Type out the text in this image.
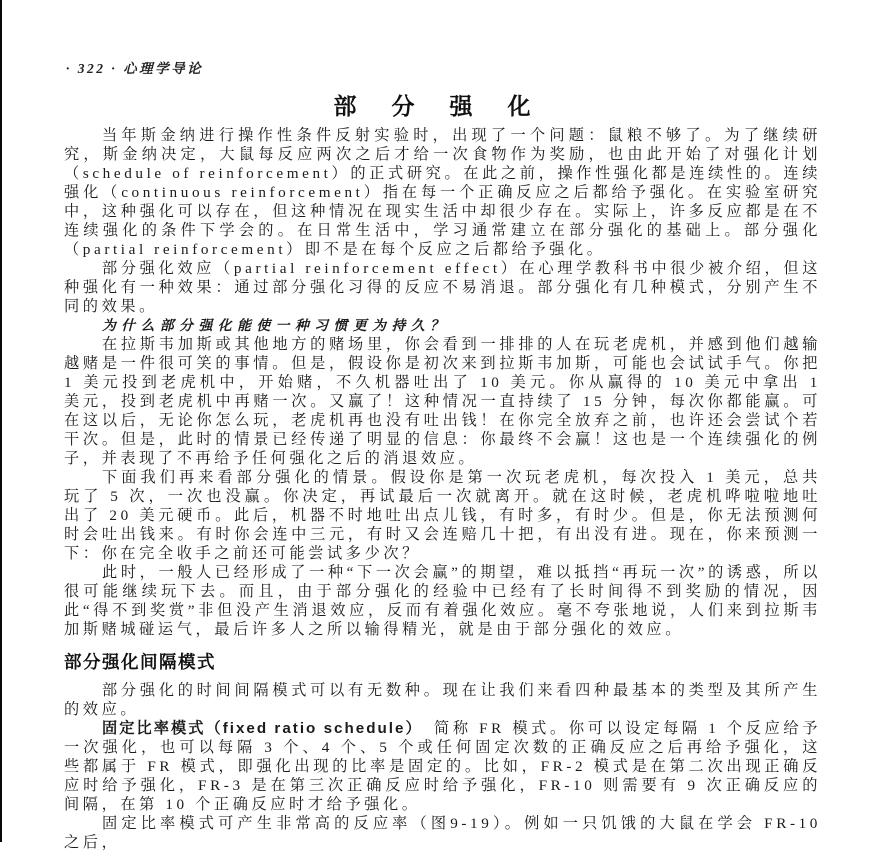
· 322 · 心理学导论
部　分　强　化

当年斯金纳进行操作性条件反射实验时，出现了一个问题：鼠粮不够了。为了继续研究，斯金纳决定，大鼠每反应两次之后才给一次食物作为奖励，也由此开始了对强化计划（schedule of reinforcement）的正式研究。在此之前，操作性强化都是连续性的。连续强化（continuous reinforcement）指在每一个正确反应之后都给予强化。在实验室研究中，这种强化可以存在，但这种情况在现实生活中却很少存在。实际上，许多反应都是在不连续强化的条件下学会的。在日常生活中，学习通常建立在部分强化的基础上。部分强化（partial reinforcement）即不是在每个反应之后都给予强化。

部分强化效应（partial reinforcement effect）在心理学教科书中很少被介绍，但这种强化有一种效果：通过部分强化习得的反应不易消退。部分强化有几种模式，分别产生不同的效果。

为什么部分强化能使一种习惯更为持久？

在拉斯韦加斯或其他地方的赌场里，你会看到一排排的人在玩老虎机，并感到他们越输越赌是一件很可笑的事情。但是，假设你是初次来到拉斯韦加斯，可能也会试试手气。你把 1 美元投到老虎机中，开始赌，不久机器吐出了 10 美元。你从赢得的 10 美元中拿出 1 美元，投到老虎机中再赌一次。又赢了！这种情况一直持续了 15 分钟，每次你都能赢。可在这以后，无论你怎么玩，老虎机再也没有吐出钱！在你完全放弃之前，也许还会尝试个若干次。但是，此时的情景已经传递了明显的信息：你最终不会赢！这也是一个连续强化的例子，并表现了不再给予任何强化之后的消退效应。

下面我们再来看部分强化的情景。假设你是第一次玩老虎机，每次投入 1 美元，总共玩了 5 次，一次也没赢。你决定，再试最后一次就离开。就在这时候，老虎机哗啦啦地吐出了 20 美元硬币。此后，机器不时地吐出点儿钱，有时多，有时少。但是，你无法预测何时会吐出钱来。有时你会连中三元，有时又会连赔几十把，有出没有进。现在，你来预测一下：你在完全收手之前还可能尝试多少次？

此时，一般人已经形成了一种“下一次会赢”的期望，难以抵挡“再玩一次”的诱惑，所以很可能继续玩下去。而且，由于部分强化的经验中已经有了长时间得不到奖励的情况，因此“得不到奖赏”非但没产生消退效应，反而有着强化效应。毫不夸张地说，人们来到拉斯韦加斯赌城碰运气，最后许多人之所以输得精光，就是由于部分强化的效应。

部分强化间隔模式

部分强化的时间间隔模式可以有无数种。现在让我们来看四种最基本的类型及其所产生的效应。

固定比率模式（fixed ratio schedule）　简称 FR 模式。你可以设定每隔 1 个反应给予一次强化，也可以每隔 3 个、4 个、5 个或任何固定次数的正确反应之后再给予强化，这些都属于 FR 模式，即强化出现的比率是固定的。比如，FR-2 模式是在第二次出现正确反应时给予强化，FR-3 是在第三次正确反应时给予强化，FR-10 则需要有 9 次正确反应的间隔，在第 10 个正确反应时才给予强化。

固定比率模式可产生非常高的反应率（图9-19）。例如一只饥饿的大鼠在学会 FR-10 之后，
